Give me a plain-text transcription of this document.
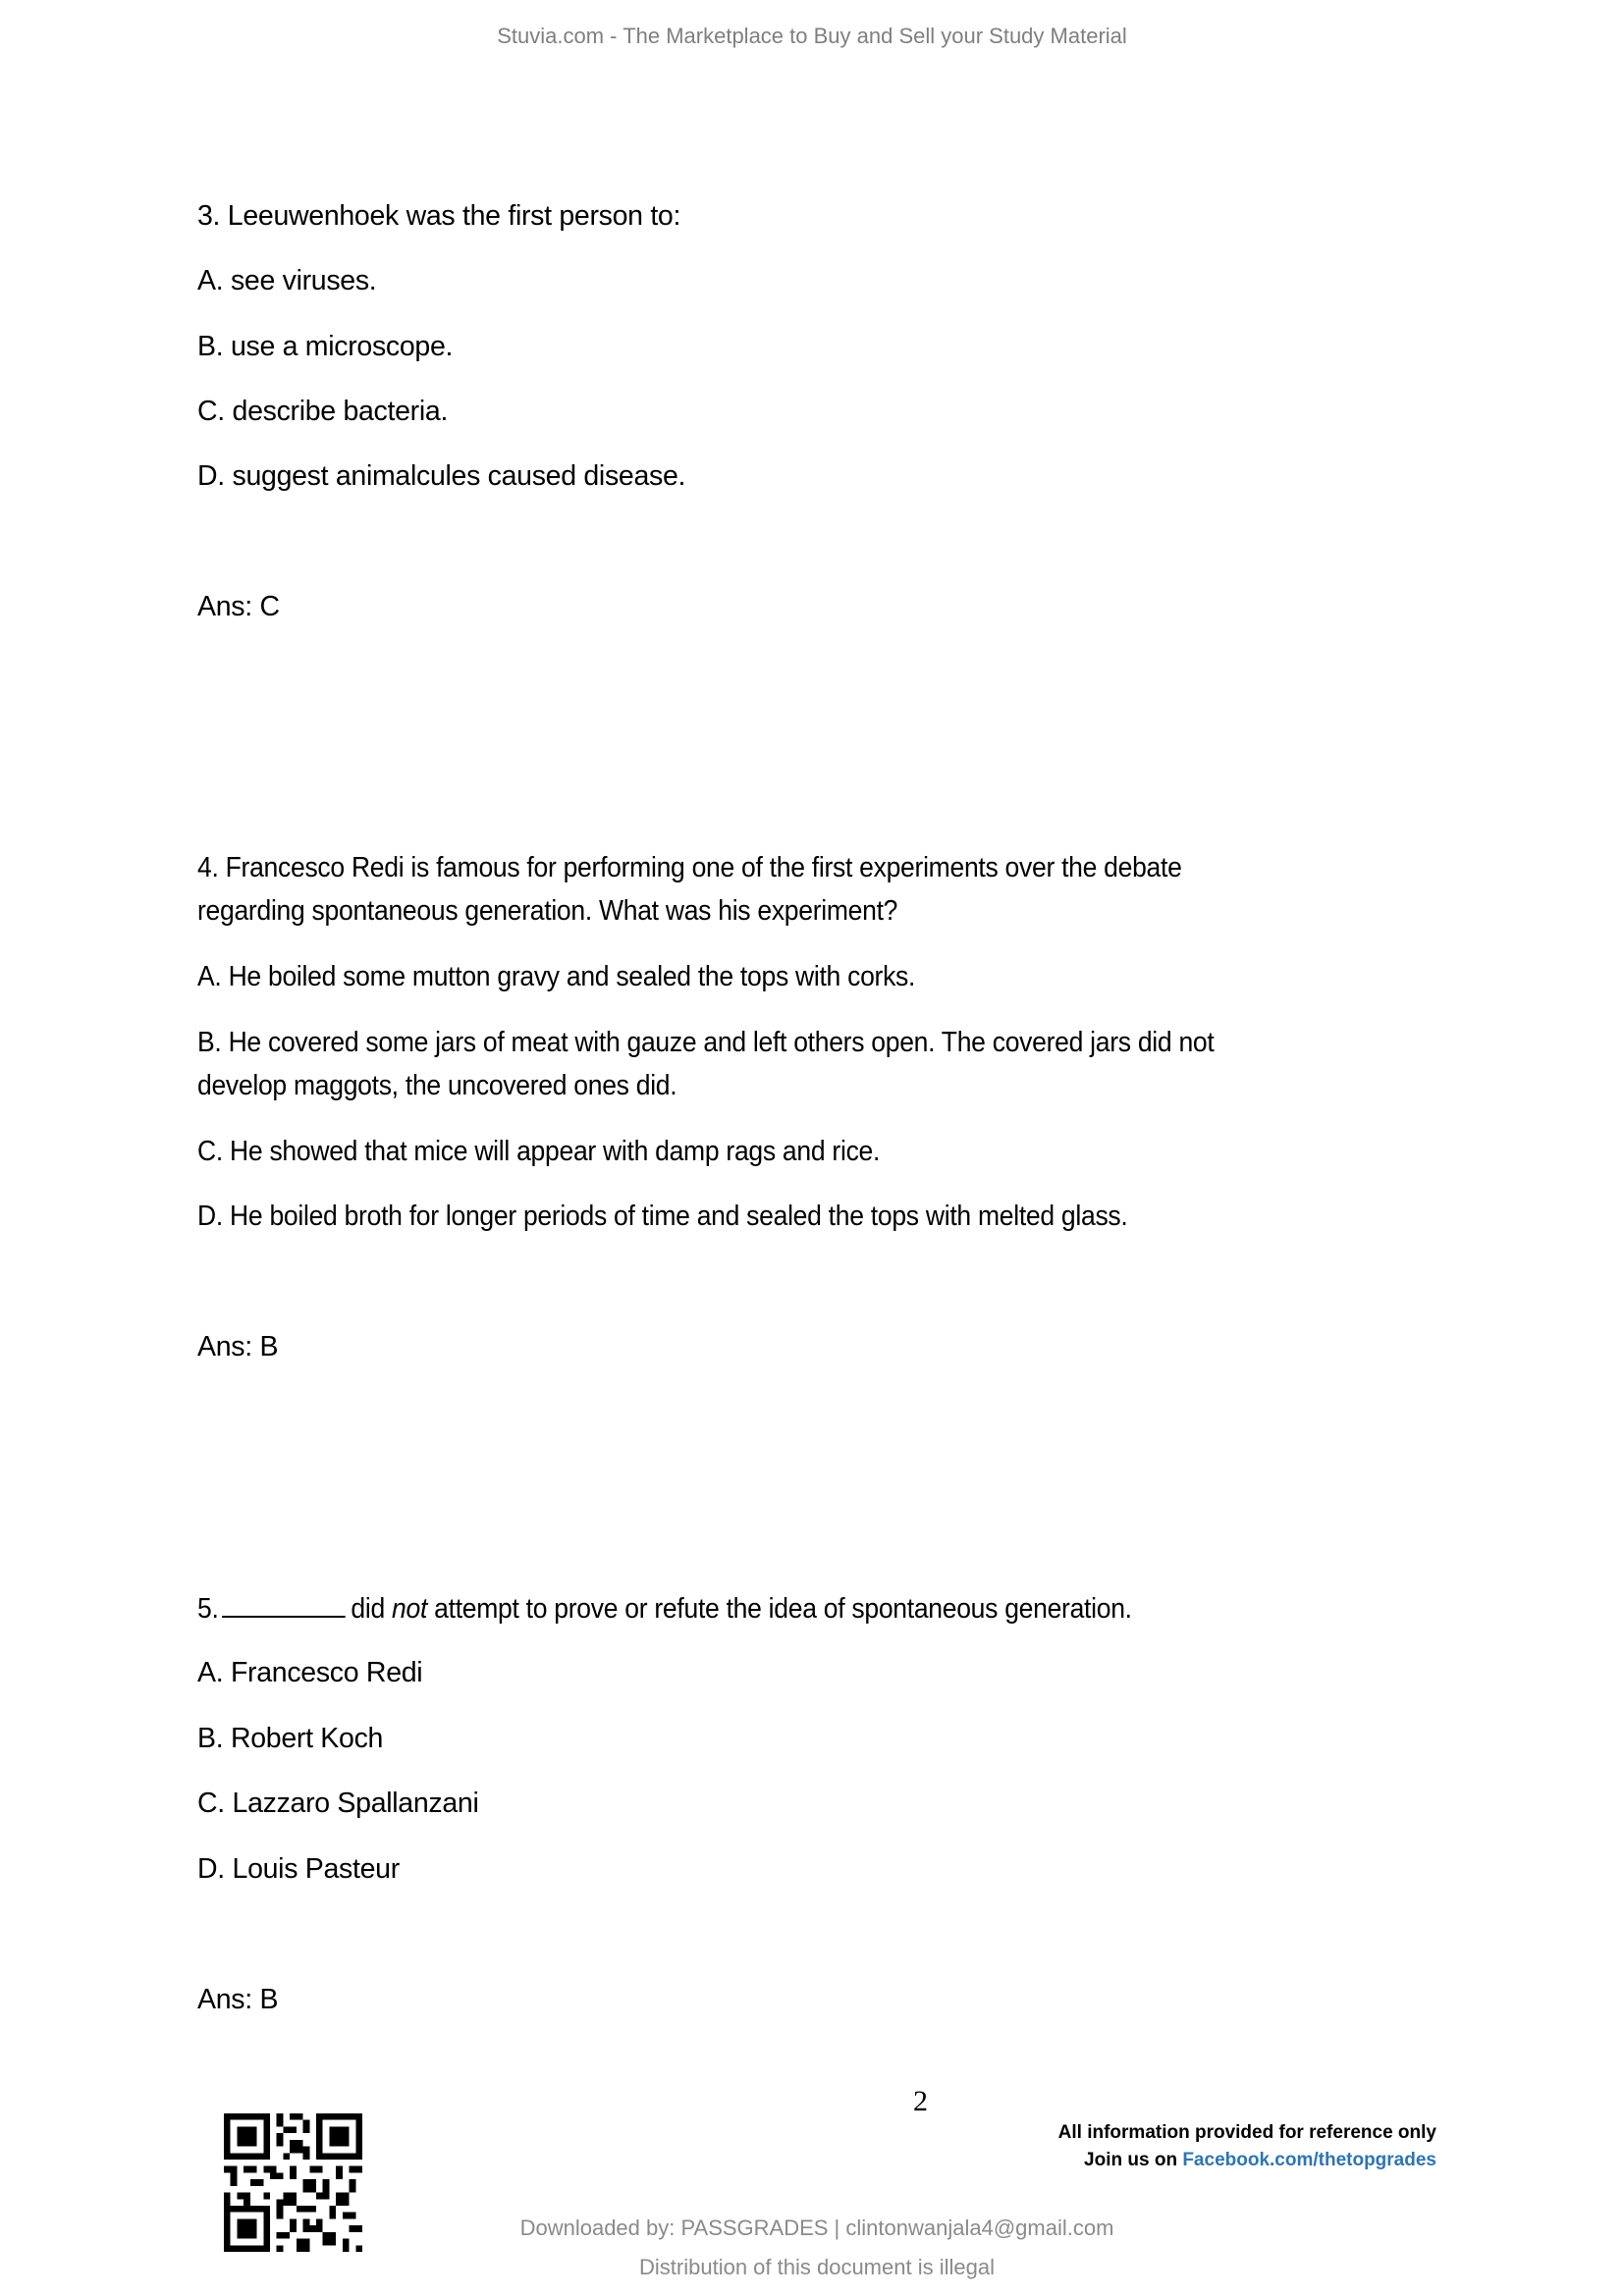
Stuvia.com - The Marketplace to Buy and Sell your Study Material
3. Leeuwenhoek was the first person to:
A. see viruses.
B. use a microscope.
C. describe bacteria.
D. suggest animalcules caused disease.
Ans: C
4. Francesco Redi is famous for performing one of the first experiments over the debate
regarding spontaneous generation. What was his experiment?
A. He boiled some mutton gravy and sealed the tops with corks.
B. He covered some jars of meat with gauze and left others open. The covered jars did not
develop maggots, the uncovered ones did.
C. He showed that mice will appear with damp rags and rice.
D. He boiled broth for longer periods of time and sealed the tops with melted glass.
Ans: B
5.	did not attempt to prove or refute the idea of spontaneous generation.
A. Francesco Redi
B. Robert Koch
C. Lazzaro Spallanzani
D. Louis Pasteur
Ans: B
2
All information provided for reference only
Join us on Facebook.com/thetopgrades
Downloaded by: PASSGRADES | clintonwanjala4@gmail.com
Distribution of this document is illegal
